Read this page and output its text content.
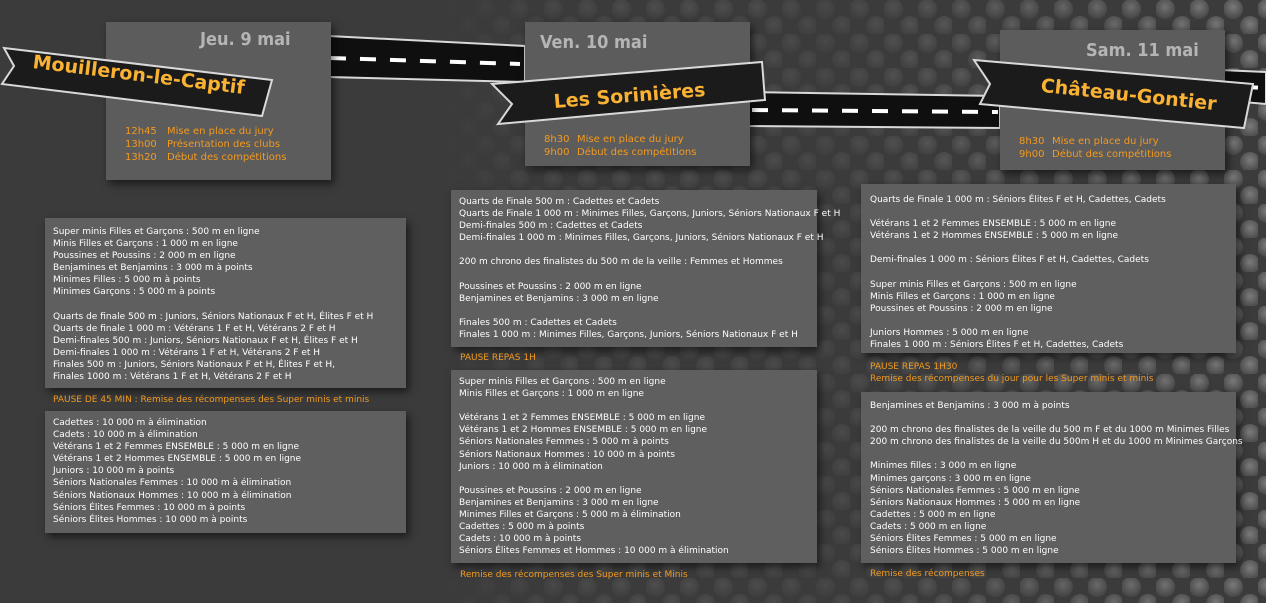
Jeu. 9 mai
Mouilleron-le-Captif
12h45 Mise en place du jury
13h00 Présentation des clubs
13h20 Début des compétitions
Super minis Filles et Garçons : 500 m en ligne
Minis Filles et Garçons : 1 000 m en ligne
Poussines et Poussins : 2 000 m en ligne
Benjamines et Benjamins : 3 000 m à points
Minimes Filles : 5 000 m à points
Minimes Garçons : 5 000 m à points
Quarts de finale 500 m : Juniors, Séniors Nationaux F et H, Élites F et H
Quarts de finale 1 000 m : Vétérans 1 F et H, Vétérans 2 F et H
Demi-finales 500 m : Juniors, Séniors Nationaux F et H, Élites F et H
Demi-finales 1 000 m : Vétérans 1 F et H, Vétérans 2 F et H
Finales 500 m : Juniors, Séniors Nationaux F et H, Élites F et H,
Finales 1000 m : Vétérans 1 F et H, Vétérans 2 F et H
PAUSE DE 45 MIN : Remise des récompenses des Super minis et minis
Cadettes : 10 000 m à élimination
Cadets : 10 000 m à élimination
Vétérans 1 et 2 Femmes ENSEMBLE : 5 000 m en ligne
Vétérans 1 et 2 Hommes ENSEMBLE : 5 000 m en ligne
Juniors : 10 000 m à points
Séniors Nationales Femmes : 10 000 m à élimination
Séniors Nationaux Hommes : 10 000 m à élimination
Séniors Élites Femmes : 10 000 m à points
Séniors Élites Hommes : 10 000 m à points
Ven. 10 mai
Les Sorinières
8h30 Mise en place du jury
9h00 Début des compétitions
Quarts de Finale 500 m : Cadettes et Cadets
Quarts de Finale 1 000 m : Minimes Filles, Garçons, Juniors, Séniors Nationaux F et H
Demi-finales 500 m : Cadettes et Cadets
Demi-finales 1 000 m : Minimes Filles, Garçons, Juniors, Séniors Nationaux F et H
200 m chrono des finalistes du 500 m de la veille : Femmes et Hommes
Poussines et Poussins : 2 000 m en ligne
Benjamines et Benjamins : 3 000 m en ligne
Finales 500 m : Cadettes et Cadets
Finales 1 000 m : Minimes Filles, Garçons, Juniors, Séniors Nationaux F et H
PAUSE REPAS 1H
Super minis Filles et Garçons : 500 m en ligne
Minis Filles et Garçons : 1 000 m en ligne
Vétérans 1 et 2 Femmes ENSEMBLE : 5 000 m en ligne
Vétérans 1 et 2 Hommes ENSEMBLE : 5 000 m en ligne
Séniors Nationales Femmes : 5 000 m à points
Séniors Nationaux Hommes : 10 000 m à points
Juniors : 10 000 m à élimination
Poussines et Poussins : 2 000 m en ligne
Benjamines et Benjamins : 3 000 m en ligne
Minimes Filles et Garçons : 5 000 m à élimination
Cadettes : 5 000 m à points
Cadets : 10 000 m à points
Séniors Élites Femmes et Hommes : 10 000 m à élimination
Remise des récompenses des Super minis et Minis
Sam. 11 mai
Château-Gontier
8h30 Mise en place du jury
9h00 Début des compétitions
Quarts de Finale 1 000 m : Séniors Élites F et H, Cadettes, Cadets
Vétérans 1 et 2 Femmes ENSEMBLE : 5 000 m en ligne
Vétérans 1 et 2 Hommes ENSEMBLE : 5 000 m en ligne
Demi-finales 1 000 m : Séniors Élites F et H, Cadettes, Cadets
Super minis Filles et Garçons : 500 m en ligne
Minis Filles et Garçons : 1 000 m en ligne
Poussines et Poussins : 2 000 m en ligne
Juniors Hommes : 5 000 m en ligne
Finales 1 000 m : Séniors Élites F et H, Cadettes, Cadets
PAUSE REPAS 1H30
Remise des récompenses du jour pour les Super minis et minis
Benjamines et Benjamins : 3 000 m à points
200 m chrono des finalistes de la veille du 500 m F et du 1000 m Minimes Filles
200 m chrono des finalistes de la veille du 500m H et du 1000 m Minimes Garçons
Minimes filles : 3 000 m en ligne
Minimes garçons : 3 000 m en ligne
Séniors Nationales Femmes : 5 000 m en ligne
Séniors Nationaux Hommes : 5 000 m en ligne
Cadettes : 5 000 m en ligne
Cadets : 5 000 m en ligne
Séniors Élites Femmes : 5 000 m en ligne
Séniors Élites Hommes : 5 000 m en ligne
Remise des récompenses
